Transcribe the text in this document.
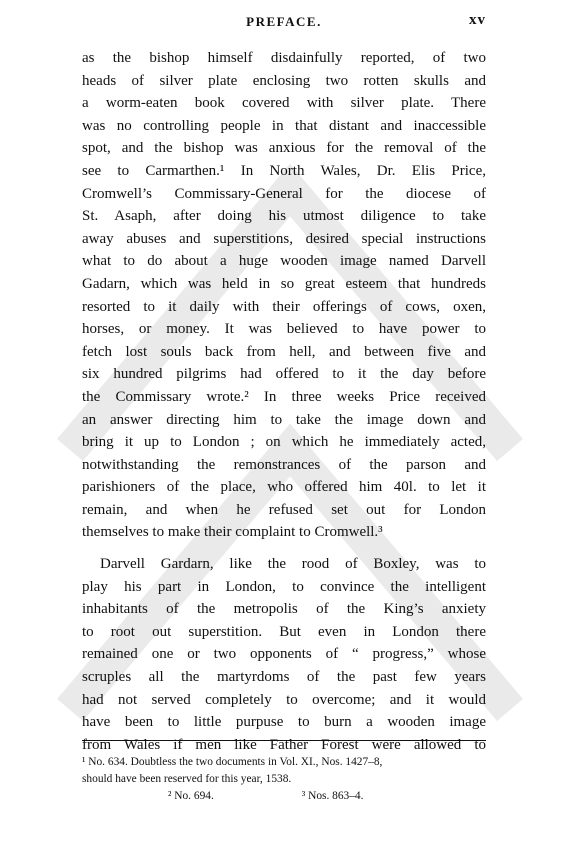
PREFACE.	xv
as the bishop himself disdainfully reported, of two
heads of silver plate enclosing two rotten skulls and
a worm-eaten book covered with silver plate. There
was no controlling people in that distant and inaccessible
spot, and the bishop was anxious for the removal of the
see to Carmarthen.¹ In North Wales, Dr. Elis Price,
Cromwell’s Commissary-General for the diocese of
St. Asaph, after doing his utmost diligence to take
away abuses and superstitions, desired special instructions
what to do about a huge wooden image named Darvell
Gadarn, which was held in so great esteem that hundreds
resorted to it daily with their offerings of cows, oxen,
horses, or money. It was believed to have power to
fetch lost souls back from hell, and between five and
six hundred pilgrims had offered to it the day before
the Commissary wrote.² In three weeks Price received
an answer directing him to take the image down and
bring it up to London ; on which he immediately acted,
notwithstanding the remonstrances of the parson and
parishioners of the place, who offered him 40l. to let it
remain, and when he refused set out for London
themselves to make their complaint to Cromwell.³
Darvell Gardarn, like the rood of Boxley, was to
play his part in London, to convince the intelligent
inhabitants of the metropolis of the King’s anxiety
to root out superstition. But even in London there
remained one or two opponents of “ progress,” whose
scruples all the martyrdoms of the past few years
had not served completely to overcome; and it would
have been to little purpuse to burn a wooden image
from Wales if men like Father Forest were allowed to
¹ No. 634. Doubtless the two documents in Vol. XI., Nos. 1427–8,
should have been reserved for this year, 1538.
² No. 694.	³ Nos. 863–4.
